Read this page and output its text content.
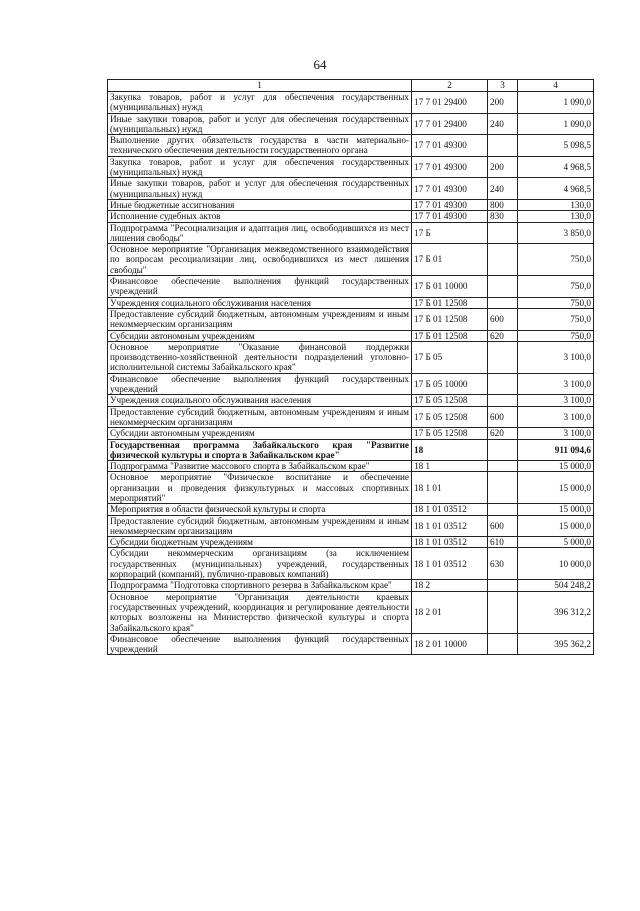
64
1	2	3	4
Закупка товаров, работ и услуг для обеспечения государственных (муниципальных) нужд	17 7 01 29400	200	1 090,0
Иные закупки товаров, работ и услуг для обеспечения государственных (муниципальных) нужд	17 7 01 29400	240	1 090,0
Выполнение других обязательств государства в части материально-технического обеспечения деятельности государственного органа	17 7 01 49300		5 098,5
Закупка товаров, работ и услуг для обеспечения государственных (муниципальных) нужд	17 7 01 49300	200	4 968,5
Иные закупки товаров, работ и услуг для обеспечения государственных (муниципальных) нужд	17 7 01 49300	240	4 968,5
Иные бюджетные ассигнования	17 7 01 49300	800	130,0
Исполнение судебных актов	17 7 01 49300	830	130,0
Подпрограмма "Ресоциализация и адаптация лиц, освободившихся из мест лишения свободы"	17 Б		3 850,0
Основное мероприятие "Организация межведомственного взаимодействия по вопросам ресоциализации лиц, освободившихся из мест лишения свободы"	17 Б 01		750,0
Финансовое обеспечение выполнения функций государственных учреждений	17 Б 01 10000		750,0
Учреждения социального обслуживания населения	17 Б 01 12508		750,0
Предоставление субсидий бюджетным, автономным учреждениям и иным некоммерческим организациям	17 Б 01 12508	600	750,0
Субсидии автономным учреждениям	17 Б 01 12508	620	750,0
Основное мероприятие "Оказание финансовой поддержки производственно-хозяйственной деятельности подразделений уголовно-исполнительной системы Забайкальского края"	17 Б 05		3 100,0
Финансовое обеспечение выполнения функций государственных учреждений	17 Б 05 10000		3 100,0
Учреждения социального обслуживания населения	17 Б 05 12508		3 100,0
Предоставление субсидий бюджетным, автономным учреждениям и иным некоммерческим организациям	17 Б 05 12508	600	3 100,0
Субсидии автономным учреждениям	17 Б 05 12508	620	3 100,0
Государственная программа Забайкальского края "Развитие физической культуры и спорта в Забайкальском крае"	18		911 094,6
Подпрограмма "Развитие массового спорта в Забайкальском крае"	18 1		15 000,0
Основное мероприятие "Физическое воспитание и обеспечение организации и проведения физкультурных и массовых спортивных мероприятий"	18 1 01		15 000,0
Мероприятия в области физической культуры и спорта	18 1 01 03512		15 000,0
Предоставление субсидий бюджетным, автономным учреждениям и иным некоммерческим организациям	18 1 01 03512	600	15 000,0
Субсидии бюджетным учреждениям	18 1 01 03512	610	5 000,0
Субсидии некоммерческим организациям (за исключением государственных (муниципальных) учреждений, государственных корпораций (компаний), публично-правовых компаний)	18 1 01 03512	630	10 000,0
Подпрограмма "Подготовка спортивного резерва в Забайкальском крае"	18 2		504 248,2
Основное мероприятие "Организация деятельности краевых государственных учреждений, координация и регулирование деятельности которых возложены на Министерство физической культуры и спорта Забайкальского края"	18 2 01		396 312,2
Финансовое обеспечение выполнения функций государственных учреждений	18 2 01 10000		395 362,2
